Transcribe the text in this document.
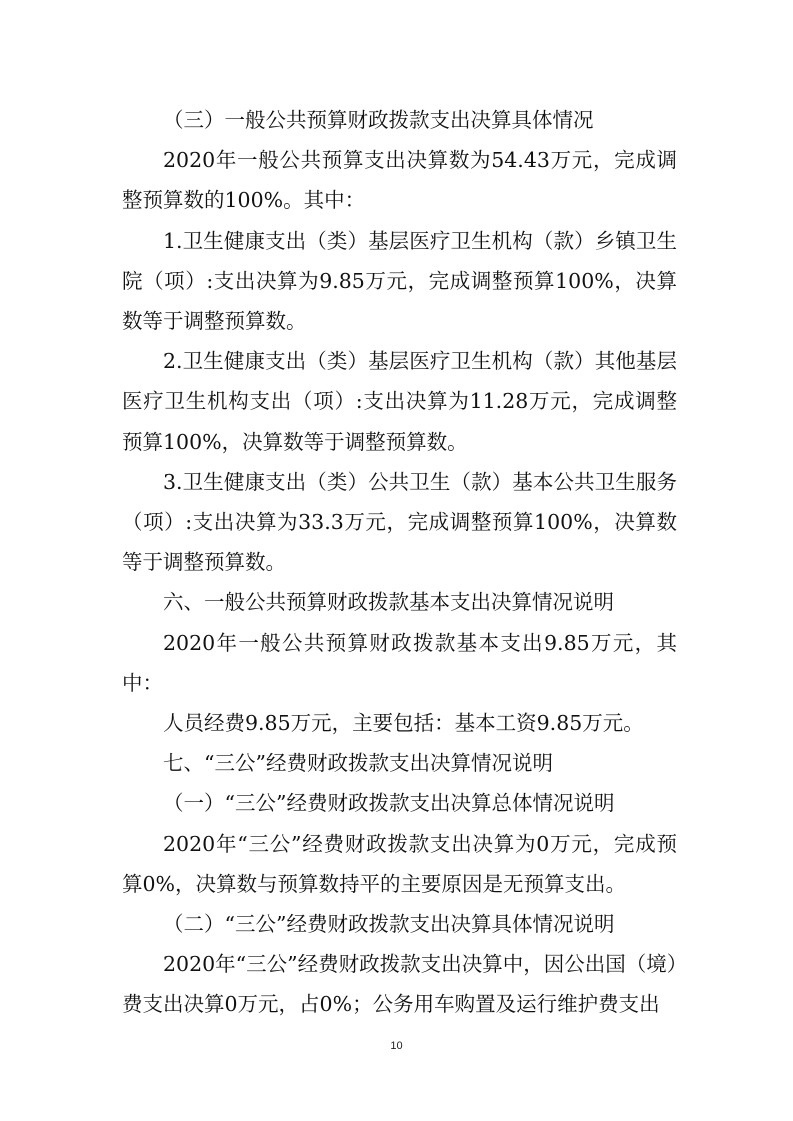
（三）一般公共预算财政拨款支出决算具体情况

2020年一般公共预算支出决算数为54.43万元，完成调整预算数的100%。其中：

1.卫生健康支出（类）基层医疗卫生机构（款）乡镇卫生院（项）:支出决算为9.85万元，完成调整预算100%，决算数等于调整预算数。

2.卫生健康支出（类）基层医疗卫生机构（款）其他基层医疗卫生机构支出（项）:支出决算为11.28万元，完成调整预算100%，决算数等于调整预算数。

3.卫生健康支出（类）公共卫生（款）基本公共卫生服务（项）:支出决算为33.3万元，完成调整预算100%，决算数等于调整预算数。

六、一般公共预算财政拨款基本支出决算情况说明

2020年一般公共预算财政拨款基本支出9.85万元，其中：

人员经费9.85万元，主要包括：基本工资9.85万元。

七、“三公”经费财政拨款支出决算情况说明

（一）“三公”经费财政拨款支出决算总体情况说明

2020年“三公”经费财政拨款支出决算为0万元，完成预算0%，决算数与预算数持平的主要原因是无预算支出。

（二）“三公”经费财政拨款支出决算具体情况说明

2020年“三公”经费财政拨款支出决算中，因公出国（境）费支出决算0万元，占0%；公务用车购置及运行维护费支出

10
